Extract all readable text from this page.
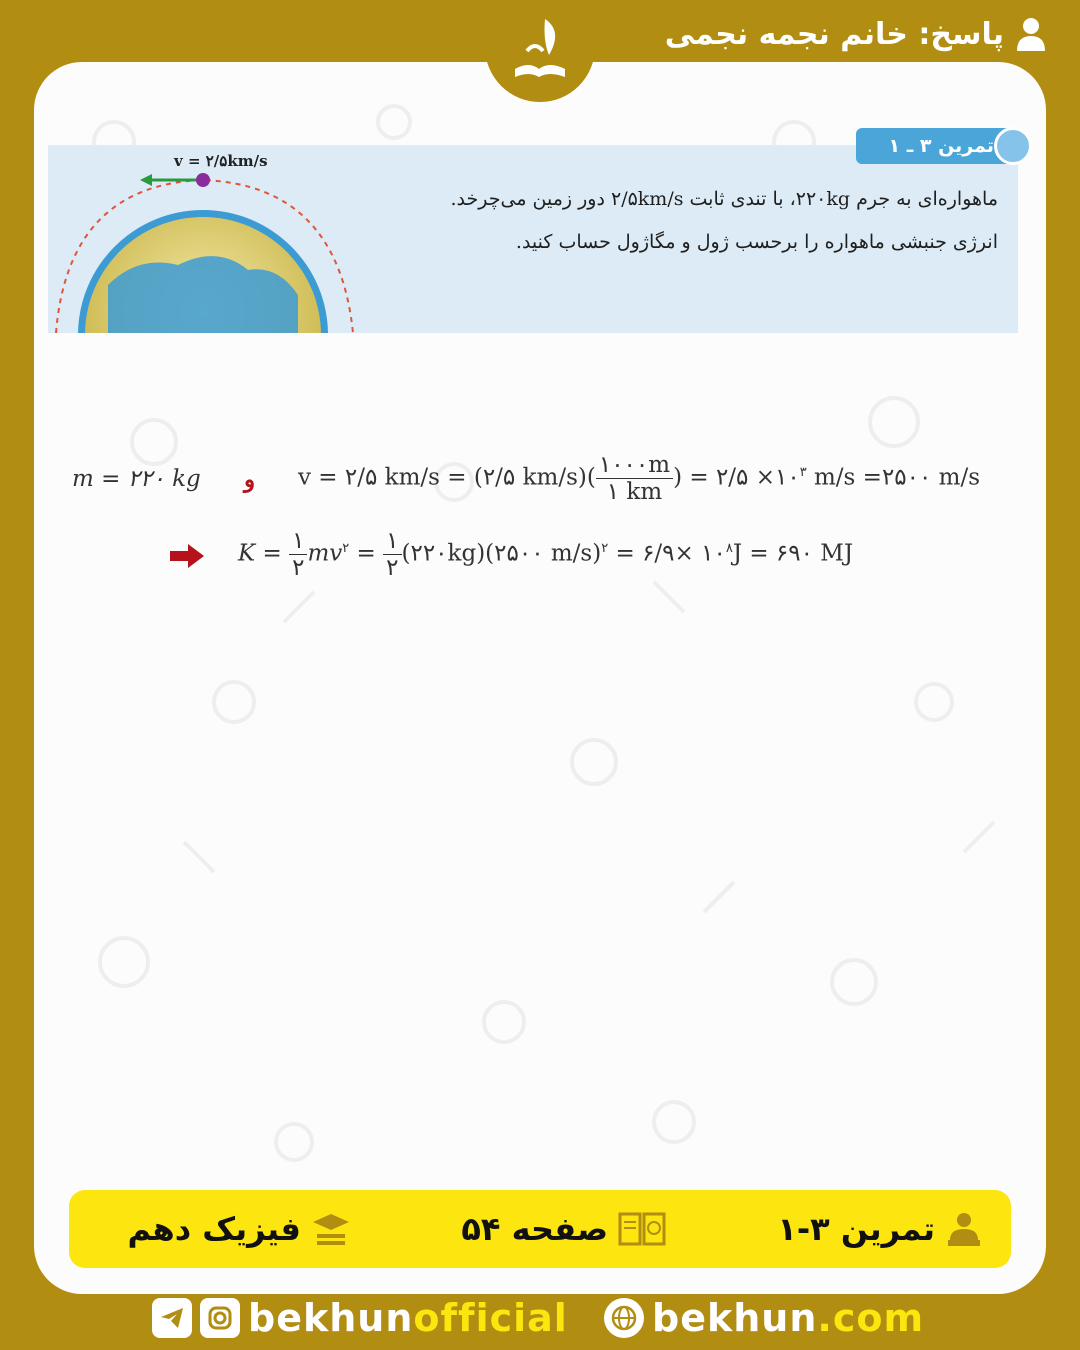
پاسخ: خانم نجمه نجمی
v = ۲/۵km/s
تمرین ۳ ـ ۱
ماهواره‌ای به جرم ۲۲۰kg، با تندی ثابت ۲/۵km/s دور زمین می‌چرخد.
انرژی جنبشی ماهواره را برحسب ژول و مگاژول حساب کنید.
m = ۲۲۰ kg و v = ۲/۵ km/s = (۲/۵ $km/s)( \frac{۱۰۰۰m}{۱ km}$ ) = ۲/۵ $\times ۱۰^۳$ m/s =۲۵۰۰ m/s
$K = \frac{۱}{۲} mv^۲ = \frac{۱}{۲}$ (۲۲۰kg)(۲۵۰۰ m/s)$^۲$ = ۶/۹× $۱۰^۸J$ = ۶۹۰ MJ
تمرین ۳-۱
صفحه ۵۴
فیزیک دهم
bekhunofficial bekhun.com
